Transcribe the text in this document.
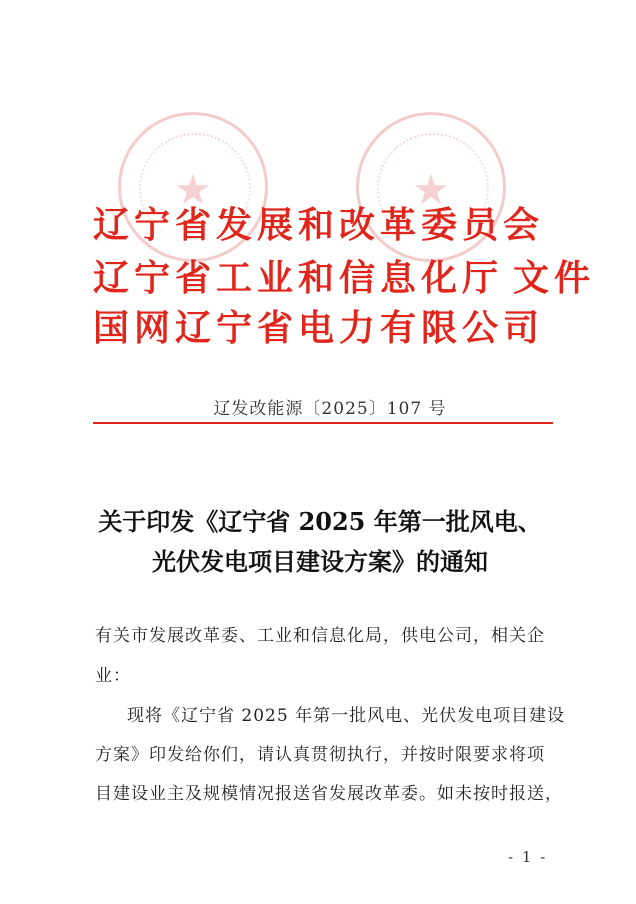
★	★
辽宁省发展和改革委员会
辽宁省工业和信息化厅 文件
国网辽宁省电力有限公司
辽发改能源〔2025〕107 号
关于印发《辽宁省 2025 年第一批风电、
光伏发电项目建设方案》的通知
有关市发展改革委、工业和信息化局，供电公司，相关企
业：
现将《辽宁省 2025 年第一批风电、光伏发电项目建设
方案》印发给你们，请认真贯彻执行，并按时限要求将项
目建设业主及规模情况报送省发展改革委。如未按时报送，
- 1 -
